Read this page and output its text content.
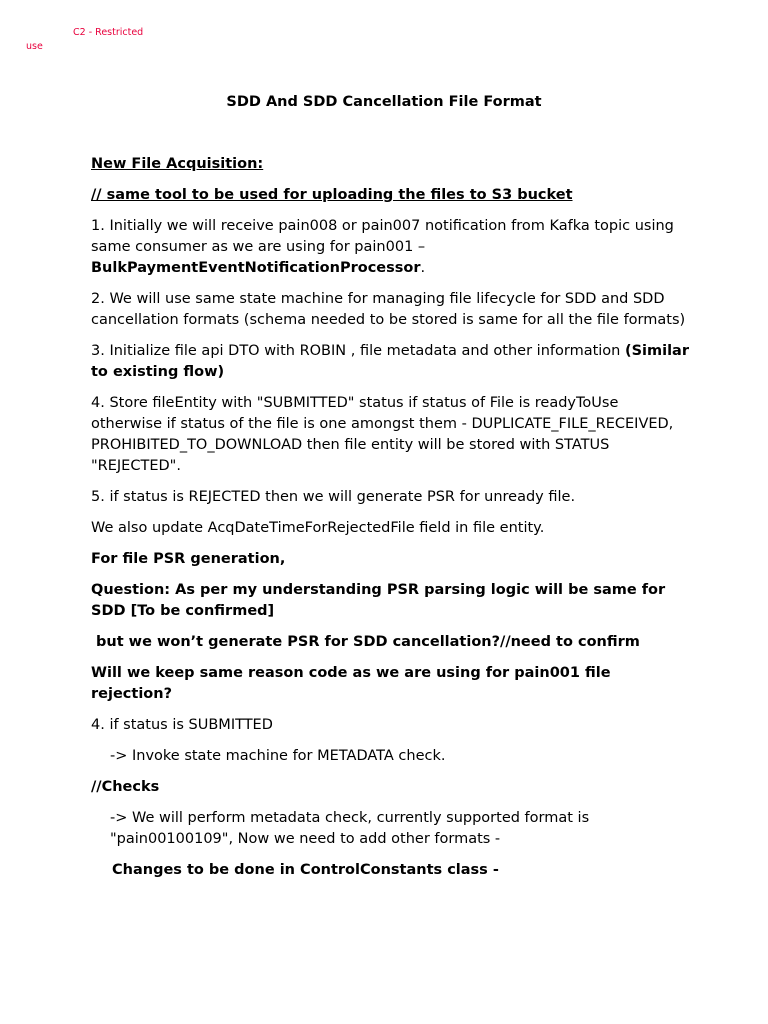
C2 - Restricted use
SDD And SDD Cancellation File Format

New File Acquisition:

// same tool to be used for uploading the files to S3 bucket

1. Initially we will receive pain008 or pain007 notification from Kafka topic using same consumer as we are using for pain001 – BulkPaymentEventNotificationProcessor.

2. We will use same state machine for managing file lifecycle for SDD and SDD cancellation formats (schema needed to be stored is same for all the file formats)

3. Initialize file api DTO with ROBIN , file metadata and other information (Similar to existing flow)

4. Store fileEntity with "SUBMITTED" status if status of File is readyToUse otherwise if status of the file is one amongst them - DUPLICATE_FILE_RECEIVED, PROHIBITED_TO_DOWNLOAD then file entity will be stored with STATUS "REJECTED".

5. if status is REJECTED then we will generate PSR for unready file.

We also update AcqDateTimeForRejectedFile field in file entity.

For file PSR generation,

Question: As per my understanding PSR parsing logic will be same for SDD [To be confirmed]

but we won’t generate PSR for SDD cancellation?//need to confirm

Will we keep same reason code as we are using for pain001 file rejection?

4. if status is SUBMITTED

-> Invoke state machine for METADATA check.

//Checks

-> We will perform metadata check, currently supported format is "pain00100109", Now we need to add other formats -

Changes to be done in ControlConstants class -
